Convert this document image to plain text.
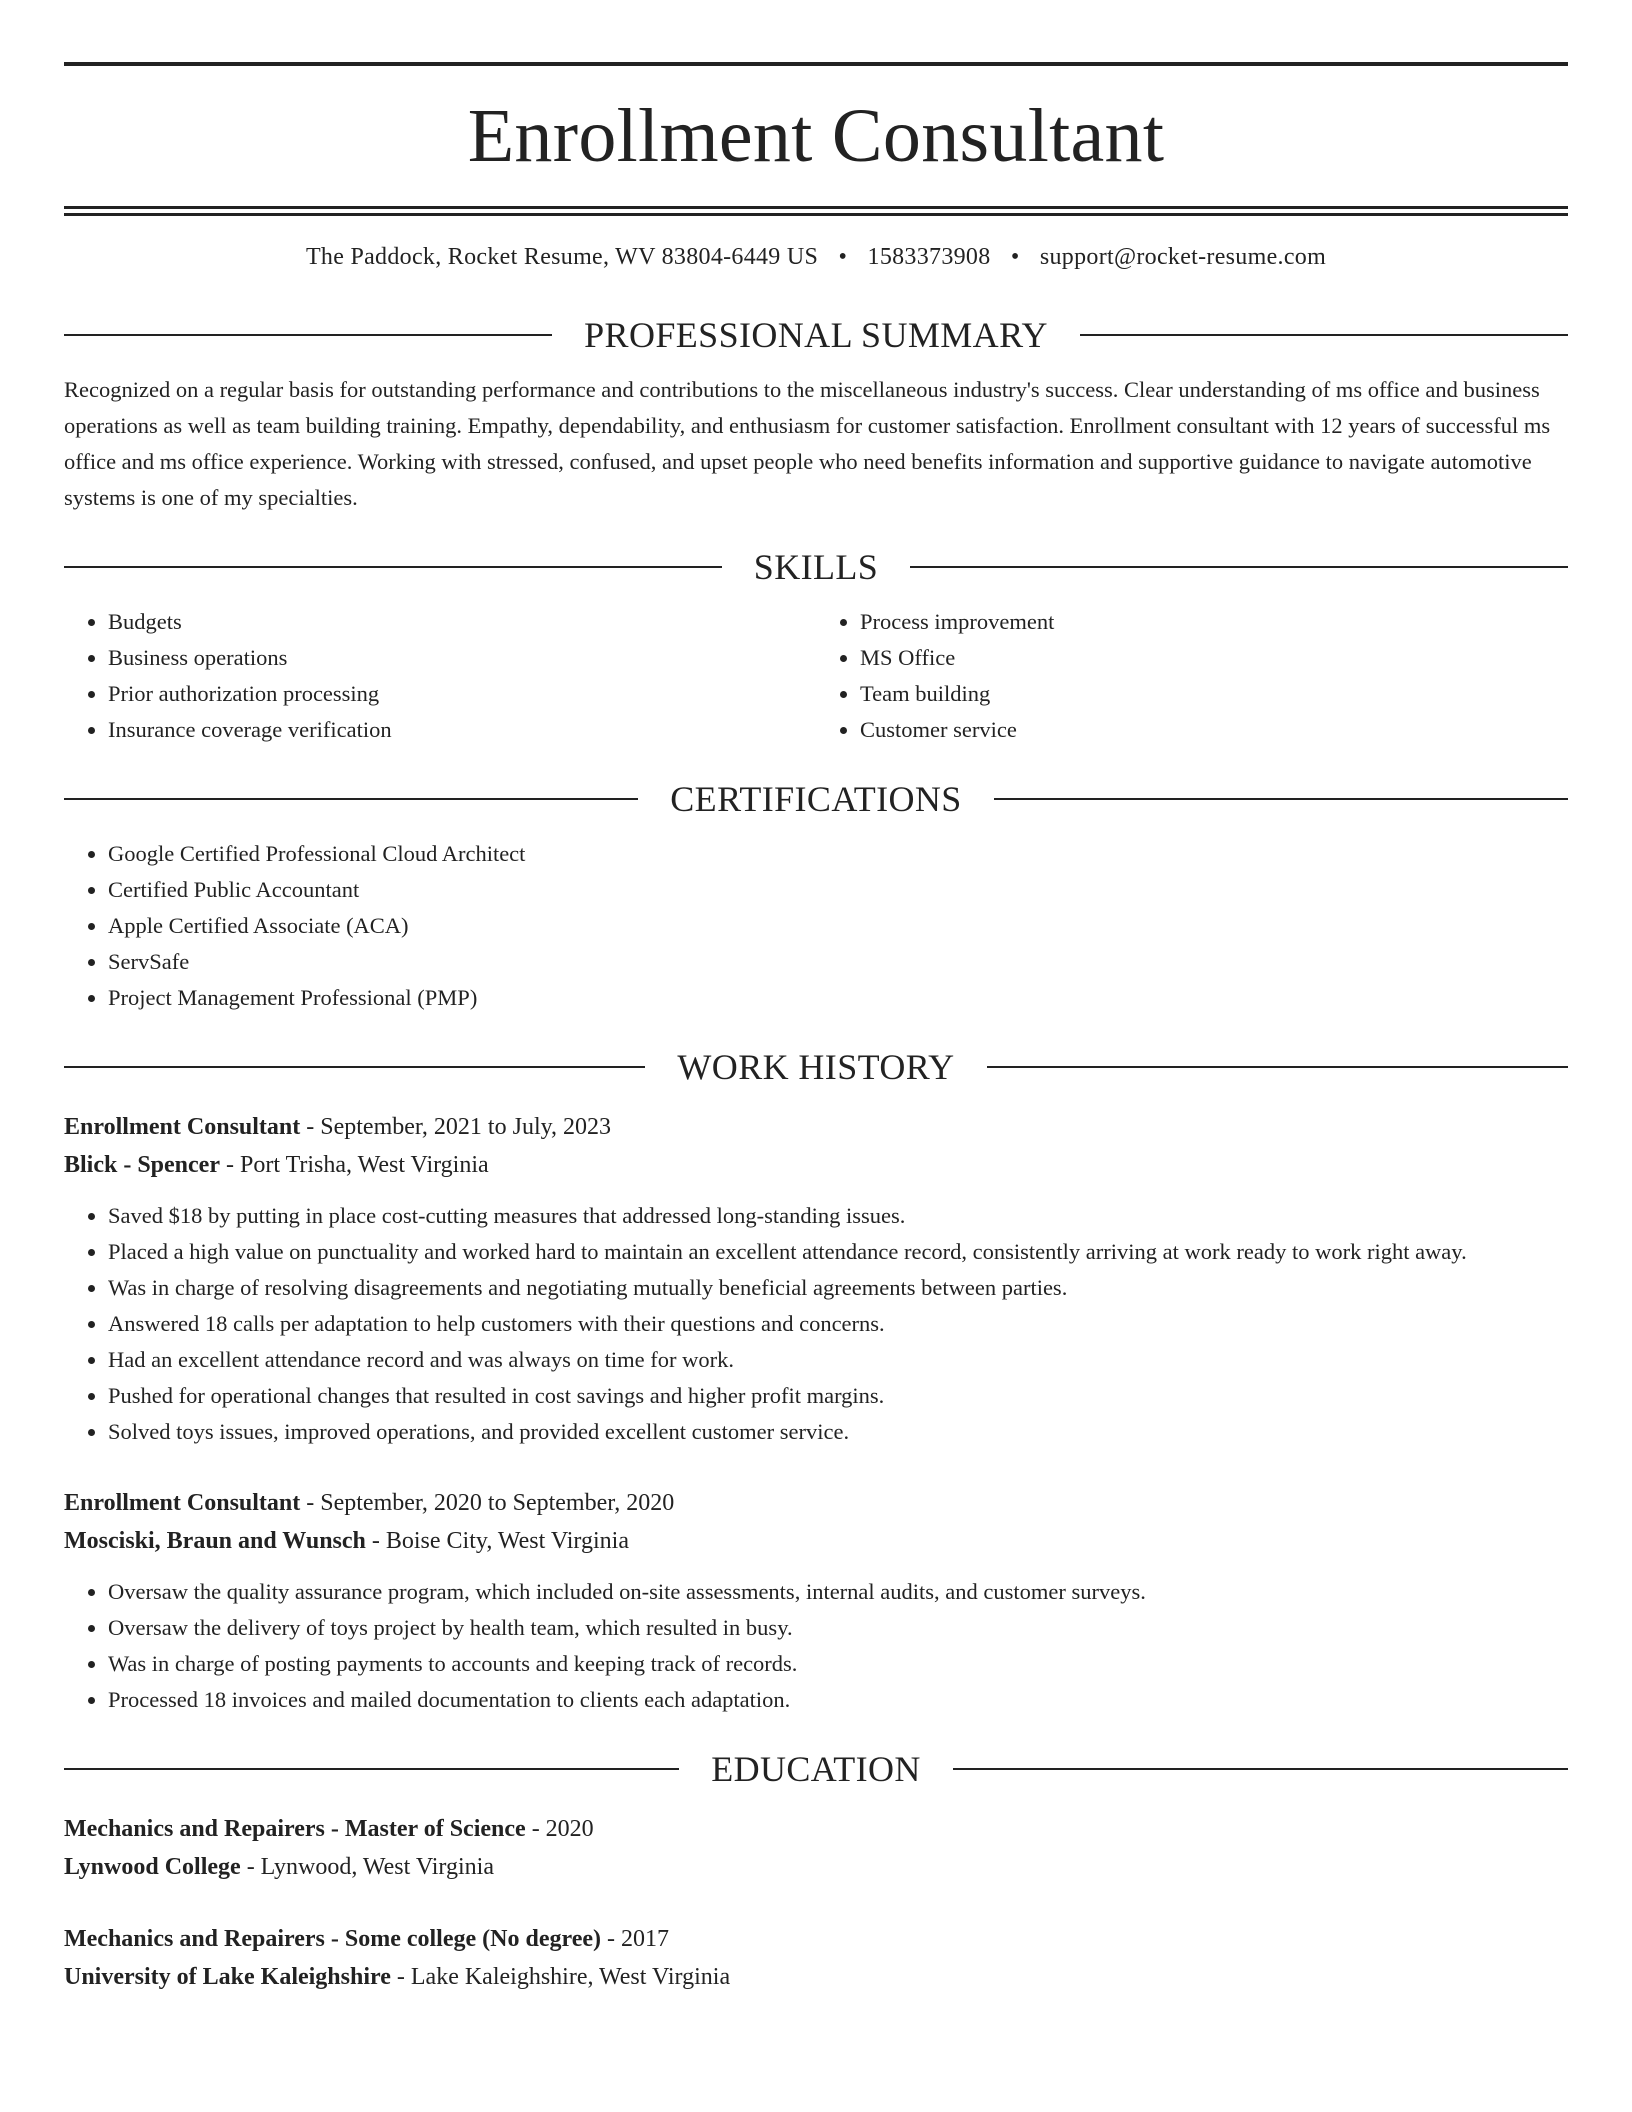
Enrollment Consultant
The Paddock, Rocket Resume, WV 83804-6449 US • 1583373908 • support@rocket-resume.com
PROFESSIONAL SUMMARY

Recognized on a regular basis for outstanding performance and contributions to the miscellaneous industry's success. Clear understanding of ms office and business operations as well as team building training. Empathy, dependability, and enthusiasm for customer satisfaction. Enrollment consultant with 12 years of successful ms office and ms office experience. Working with stressed, confused, and upset people who need benefits information and supportive guidance to navigate automotive systems is one of my specialties.

SKILLS
• Budgets
• Business operations
• Prior authorization processing
• Insurance coverage verification
• Process improvement
• MS Office
• Team building
• Customer service
CERTIFICATIONS
• Google Certified Professional Cloud Architect
• Certified Public Accountant
• Apple Certified Associate (ACA)
• ServSafe
• Project Management Professional (PMP)
WORK HISTORY
Enrollment Consultant - September, 2021 to July, 2023
Blick - Spencer - Port Trisha, West Virginia
• Saved $18 by putting in place cost-cutting measures that addressed long-standing issues.
• Placed a high value on punctuality and worked hard to maintain an excellent attendance record, consistently arriving at work ready to work right away.
• Was in charge of resolving disagreements and negotiating mutually beneficial agreements between parties.
• Answered 18 calls per adaptation to help customers with their questions and concerns.
• Had an excellent attendance record and was always on time for work.
• Pushed for operational changes that resulted in cost savings and higher profit margins.
• Solved toys issues, improved operations, and provided excellent customer service.
Enrollment Consultant - September, 2020 to September, 2020
Mosciski, Braun and Wunsch - Boise City, West Virginia
• Oversaw the quality assurance program, which included on-site assessments, internal audits, and customer surveys.
• Oversaw the delivery of toys project by health team, which resulted in busy.
• Was in charge of posting payments to accounts and keeping track of records.
• Processed 18 invoices and mailed documentation to clients each adaptation.
EDUCATION
Mechanics and Repairers - Master of Science - 2020
Lynwood College - Lynwood, West Virginia
Mechanics and Repairers - Some college (No degree) - 2017
University of Lake Kaleighshire - Lake Kaleighshire, West Virginia
